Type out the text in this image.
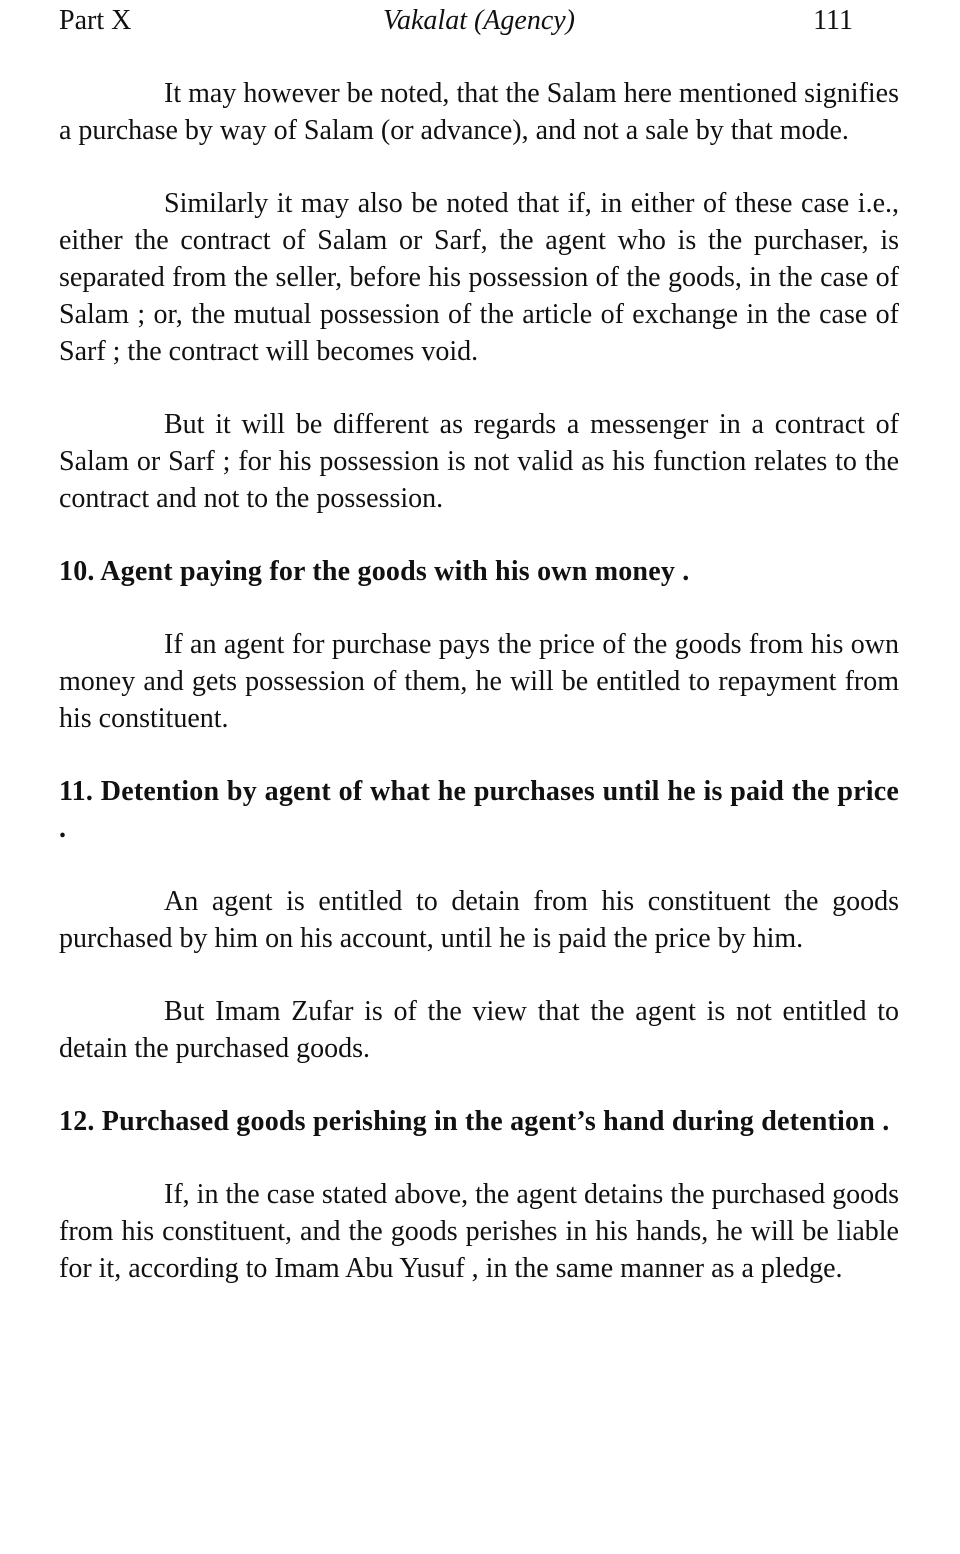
Part X	Vakalat (Agency)	111

It may however be noted, that the Salam here mentioned signifies a purchase by way of Salam (or advance), and not a sale by that mode.

Similarly it may also be noted that if, in either of these case i.e., either the contract of Salam or Sarf, the agent who is the purchaser, is separated from the seller, before his possession of the goods, in the case of Salam ; or, the mutual possession of the article of exchange in the case of Sarf ; the contract will becomes void.

But it will be different as regards a messenger in a contract of Salam or Sarf ; for his possession is not valid as his function relates to the contract and not to the possession.

10. Agent paying for the goods with his own money .

If an agent for purchase pays the price of the goods from his own money and gets possession of them, he will be entitled to repayment from his constituent.

11. Detention by agent of what he purchases until he is paid the price .

An agent is entitled to detain from his constituent the goods purchased by him on his account, until he is paid the price by him.

But Imam Zufar is of the view that the agent is not entitled to detain the purchased goods.

12. Purchased goods perishing in the agent’s hand during detention .

If, in the case stated above, the agent detains the purchased goods from his constituent, and the goods perishes in his hands, he will be liable for it, according to Imam Abu Yusuf , in the same manner as a pledge.
